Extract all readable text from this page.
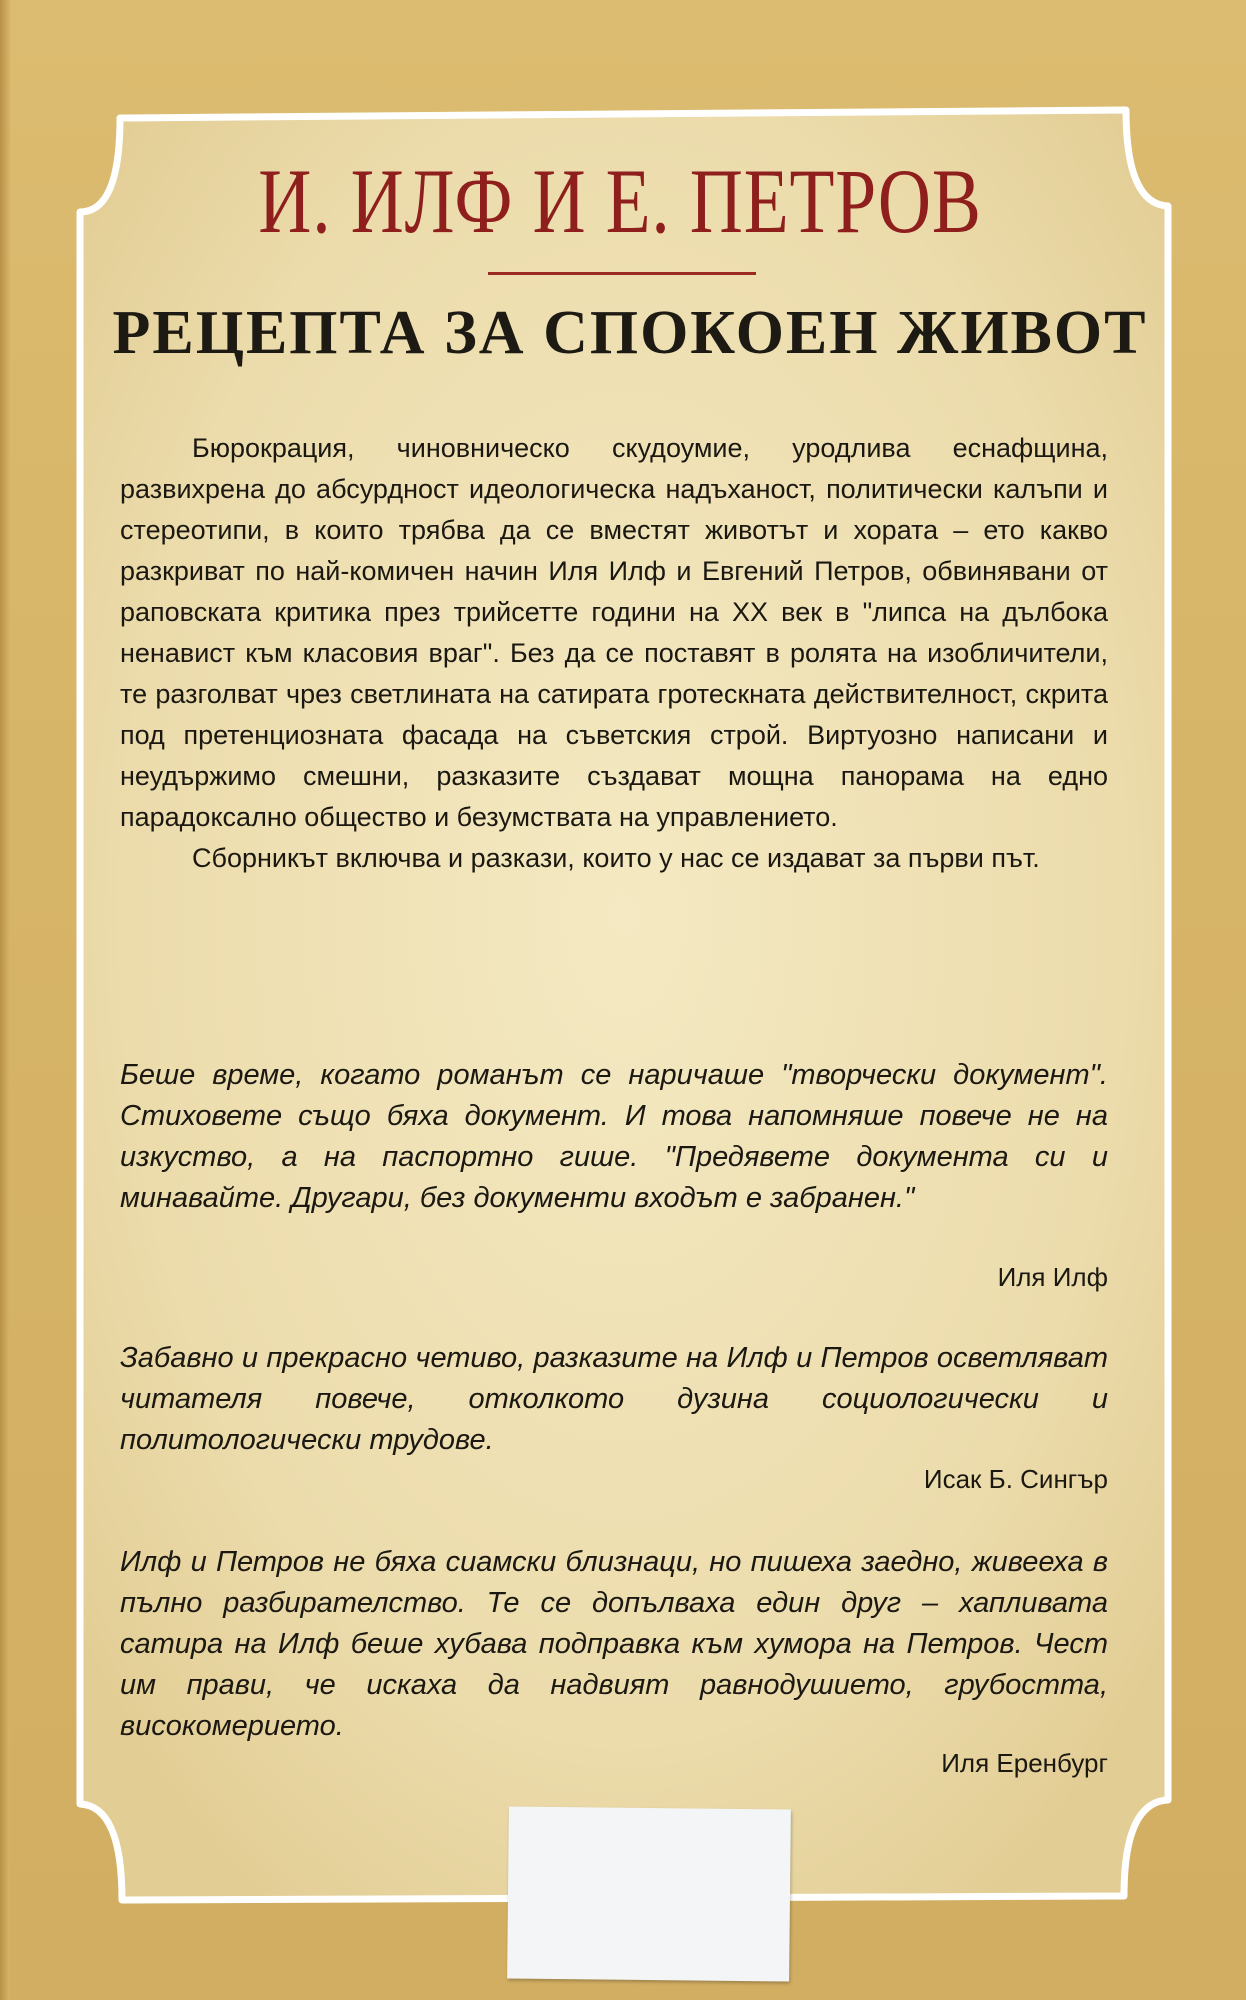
И. ИЛФ И Е. ПЕТРОВ
РЕЦЕПТА ЗА СПОКОЕН ЖИВОТ

Бюрокрация, чиновническо скудоумие, уродлива еснафщина, развихрена до абсурдност идеологическа надъханост, политически калъпи и стереотипи, в които трябва да се вместят животът и хората – ето какво разкриват по най-комичен начин Иля Илф и Евгений Петров, обвинявани от раповската критика през трийсетте години на ХХ век в "липса на дълбока ненавист към класовия враг". Без да се поставят в ролята на изобличители, те разголват чрез светлината на сатирата гротескната действителност, скрита под претенциозната фасада на съветския строй. Виртуозно написани и неудържимо смешни, разказите създават мощна панорама на едно парадоксално общество и безумствата на управлението.

Сборникът включва и разкази, които у нас се издават за първи път.

Беше време, когато романът се наричаше "творчески документ". Стиховете също бяха документ. И това напомняше повече не на изкуство, а на паспортно гише. "Предявете документа си и минавайте. Другари, без документи входът е забранен."

Иля Илф

Забавно и прекрасно четиво, разказите на Илф и Петров осветляват читателя повече, отколкото дузина социологически и политологически трудове.

Исак Б. Сингър

Илф и Петров не бяха сиамски близнаци, но пишеха заедно, живееха в пълно разбирателство. Те се допълваха един друг – хапливата сатира на Илф беше хубава подправка към хумора на Петров. Чест им прави, че искаха да надвият равнодушието, грубостта, високомерието.

Иля Еренбург
